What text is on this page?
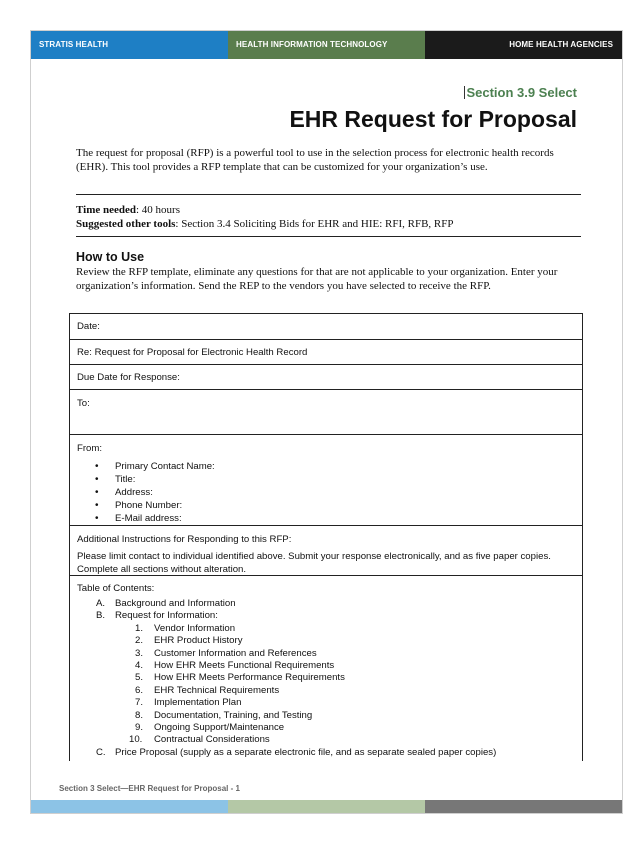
STRATIS HEALTH	HEALTH INFORMATION TECHNOLOGY TOOLKIT
HOME HEALTH AGENCIES
Section 3.9 Select
EHR Request for Proposal
The request for proposal (RFP) is a powerful tool to use in the selection process for electronic health records (EHR). This tool provides a RFP template that can be customized for your organization’s use.
Time needed: 40 hours
Suggested other tools: Section 3.4 Soliciting Bids for EHR and HIE: RFI, RFB, RFP
How to Use
Review the RFP template, eliminate any questions for that are not applicable to your organization. Enter your organization’s information. Send the REP to the vendors you have selected to receive the RFP.
Date:
Re: Request for Proposal for Electronic Health Record
Due Date for Response:
To:
From:
• Primary Contact Name:
• Title:
• Address:
• Phone Number:
• E-Mail address:
Additional Instructions for Responding to this RFP:
Please limit contact to individual identified above. Submit your response electronically, and as five paper copies. Complete all sections without alteration.
Table of Contents:
A. Background and Information
B. Request for Information:
1. Vendor Information
2. EHR Product History
3. Customer Information and References
4. How EHR Meets Functional Requirements
5. How EHR Meets Performance Requirements
6. EHR Technical Requirements
7. Implementation Plan
8. Documentation, Training, and Testing
9. Ongoing Support/Maintenance
10. Contractual Considerations
C. Price Proposal (supply as a separate electronic file, and as separate sealed paper copies)
Section 3 Select—EHR Request for Proposal - 1
